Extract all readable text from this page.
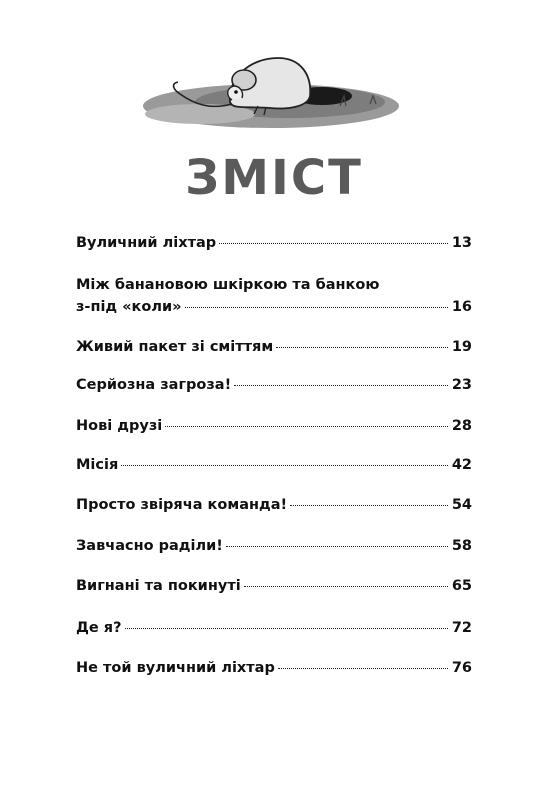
ЗМІСТ
Вуличний ліхтар	13
Між банановою шкіркою та банкою
з-під «коли»	16
Живий пакет зі сміттям	19
Серйозна загроза!	23
Нові друзі	28
Місія	42
Просто звіряча команда!	54
Завчасно раділи!	58
Вигнані та покинуті	65
Де я?	72
Не той вуличний ліхтар	76
